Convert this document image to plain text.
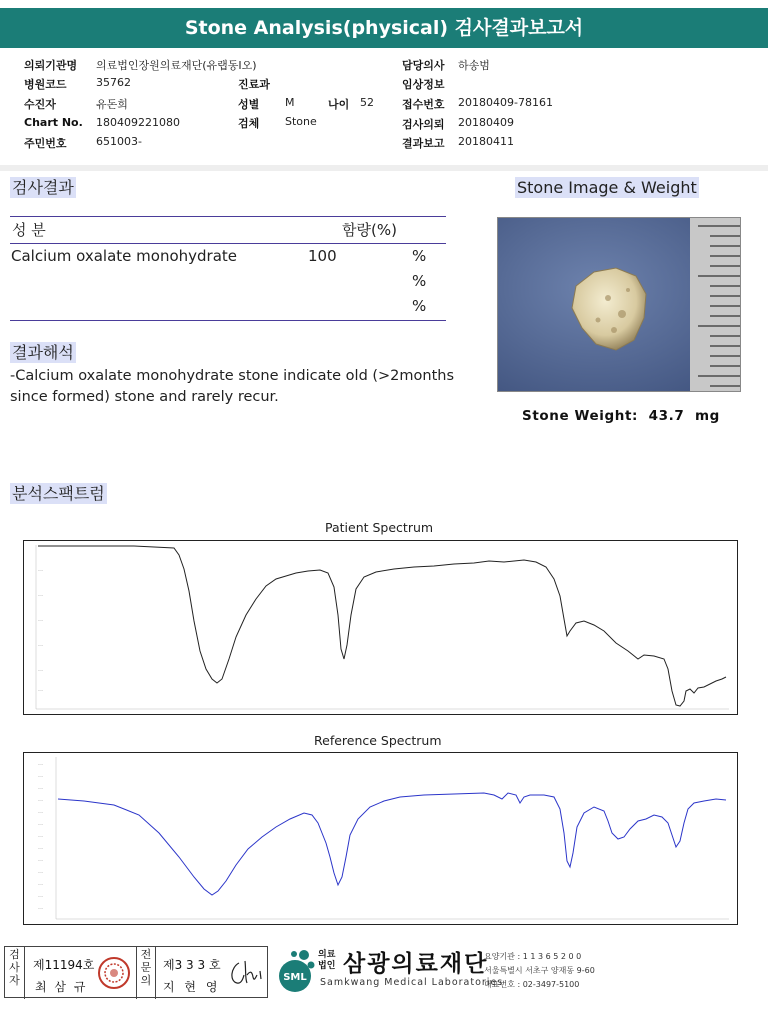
Stone Analysis(physical) 검사결과보고서
의뢰기관명 의료법인장원의료재단(유랩동I오)
병원코드	35762
수진자	유돈희
Chart No. 180409221080
주민번호	651003-
진료과
성별 M	나이 52
검체 Stone
담당의사 하송범
임상정보
접수번호 20180409-78161
검사의뢰 20180409
결과보고 20180411
검사결과
성 분	함량(%)
Calcium oxalate monohydrate	100	%
%
%
결과해석
-Calcium oxalate monohydrate stone indicate old (>2months since formed) stone and rarely recur.
Stone Image & Weight
Stone Weight: 43.7 mg
분석스팩트럼
Patient Spectrum
----
----
----
----
----
----
Reference Spectrum
----
----
----
----
----
----
----
----
----
----
----
----
----
검사자
제11194호
최 삼 규
전문의
제3 3 3 호
지 현 영
SML
의료법인 삼광의료재단
Samkwang Medical Laboratories
요양기관 : 1 1 3 6 5 2 0 0
서울특별시 서초구 양재동 9-60
대표번호 : 02-3497-5100
